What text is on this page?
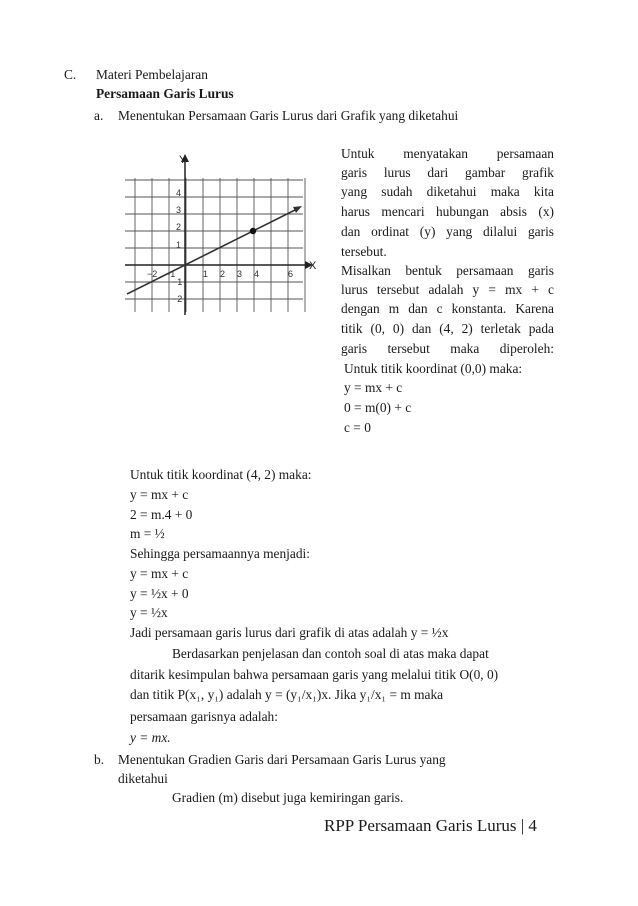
C. Materi Pembelajaran
Persamaan Garis Lurus
a. Menentukan Persamaan Garis Lurus dari Grafik yang diketahui
X
Y
−2 −1	1 2 3 4	6
4
3
2
1
−1
−2
Untuk menyatakan persamaan
garis lurus dari gambar grafik
yang sudah diketahui maka kita
harus mencari hubungan absis (x)
dan ordinat (y) yang dilalui garis
tersebut.
Misalkan bentuk persamaan garis
lurus tersebut adalah y = mx + c
dengan m dan c konstanta. Karena
titik (0, 0) dan (4, 2) terletak pada
garis tersebut maka diperoleh:
Untuk titik koordinat (0,0) maka:
y = mx + c
0 = m(0) + c
c = 0
Untuk titik koordinat (4, 2) maka:
y = mx + c
2 = m.4 + 0
m = ½
Sehingga persamaannya menjadi:
y = mx + c
y = ½x + 0
y = ½x
Jadi persamaan garis lurus dari grafik di atas adalah y = ½x
Berdasarkan penjelasan dan contoh soal di atas maka dapat
ditarik kesimpulan bahwa persamaan garis yang melalui titik O(0, 0)
dan titik P(x₁, y₁) adalah y = (y₁/x₁)x. Jika y₁/x₁ = m maka
persamaan garisnya adalah:
y = mx.
b. Menentukan Gradien Garis dari Persamaan Garis Lurus yang
diketahui
Gradien (m) disebut juga kemiringan garis.
RPP Persamaan Garis Lurus | 4
